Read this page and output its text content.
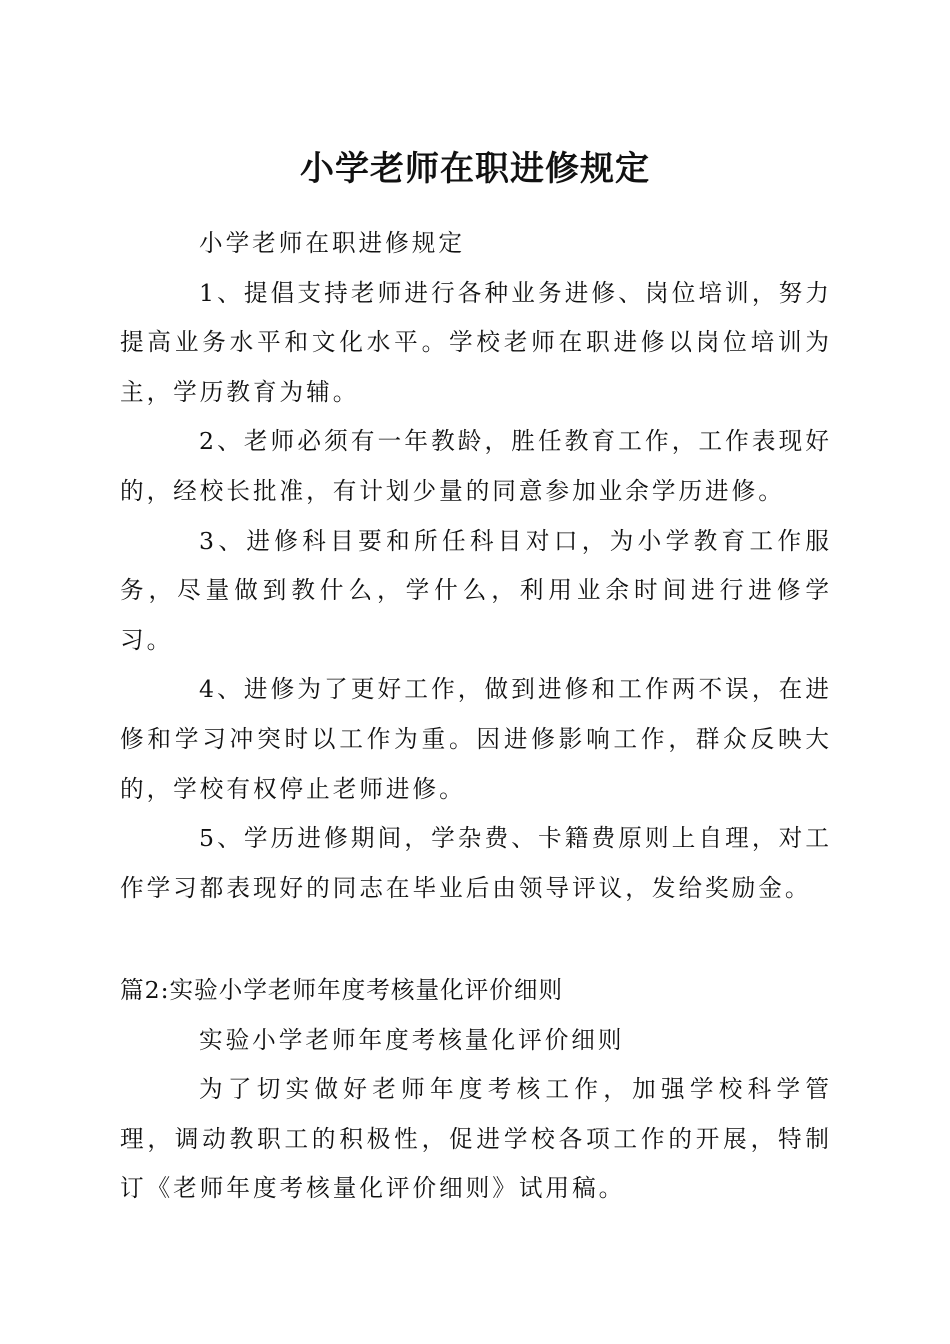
小学老师在职进修规定

小学老师在职进修规定

1、提倡支持老师进行各种业务进修、岗位培训，努力提高业务水平和文化水平。学校老师在职进修以岗位培训为主，学历教育为辅。

2、老师必须有一年教龄，胜任教育工作，工作表现好的，经校长批准，有计划少量的同意参加业余学历进修。

3、进修科目要和所任科目对口，为小学教育工作服务，尽量做到教什么，学什么，利用业余时间进行进修学习。

4、进修为了更好工作，做到进修和工作两不误，在进修和学习冲突时以工作为重。因进修影响工作，群众反映大的，学校有权停止老师进修。

5、学历进修期间，学杂费、卡籍费原则上自理，对工作学习都表现好的同志在毕业后由领导评议，发给奖励金。

篇2:实验小学老师年度考核量化评价细则

实验小学老师年度考核量化评价细则

为了切实做好老师年度考核工作，加强学校科学管理，调动教职工的积极性，促进学校各项工作的开展，特制订《老师年度考核量化评价细则》试用稿。
